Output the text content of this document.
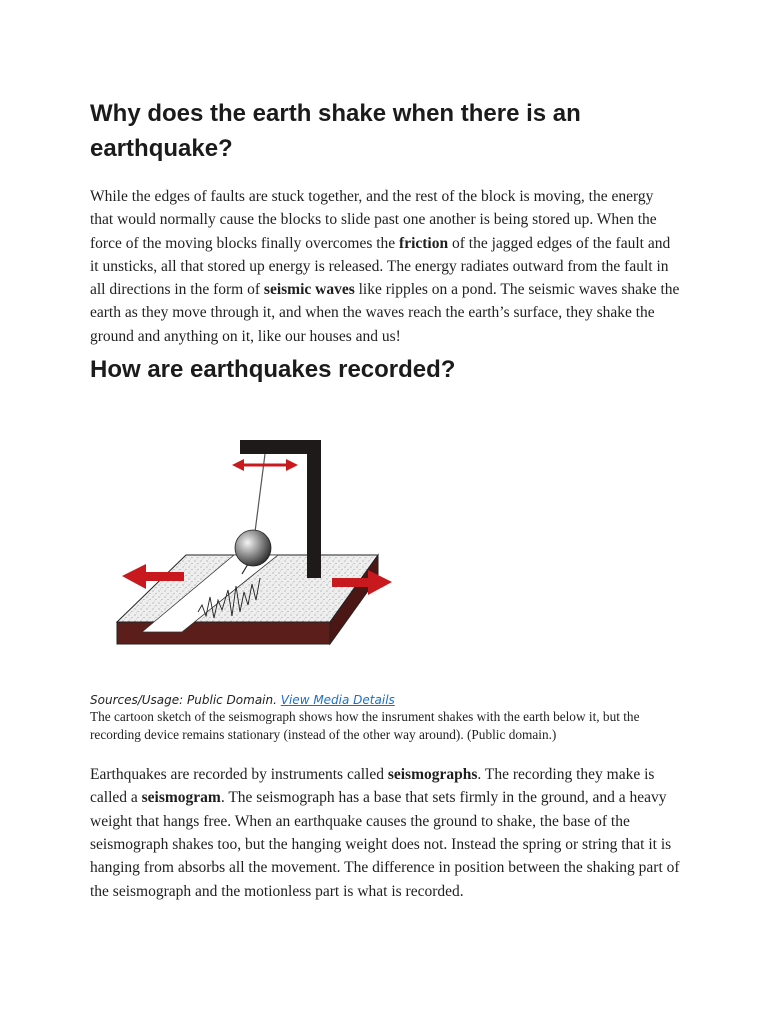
Why does the earth shake when there is an earthquake?

While the edges of faults are stuck together, and the rest of the block is moving, the energy that would normally cause the blocks to slide past one another is being stored up. When the force of the moving blocks finally overcomes the friction of the jagged edges of the fault and it unsticks, all that stored up energy is released. The energy radiates outward from the fault in all directions in the form of seismic waves like ripples on a pond. The seismic waves shake the earth as they move through it, and when the waves reach the earth’s surface, they shake the ground and anything on it, like our houses and us!

How are earthquakes recorded?
Sources/Usage: Public Domain. View Media Details

The cartoon sketch of the seismograph shows how the insrument shakes with the earth below it, but the recording device remains stationary (instead of the other way around). (Public domain.)

Earthquakes are recorded by instruments called seismographs. The recording they make is called a seismogram. The seismograph has a base that sets firmly in the ground, and a heavy weight that hangs free. When an earthquake causes the ground to shake, the base of the seismograph shakes too, but the hanging weight does not. Instead the spring or string that it is hanging from absorbs all the movement. The difference in position between the shaking part of the seismograph and the motionless part is what is recorded.
